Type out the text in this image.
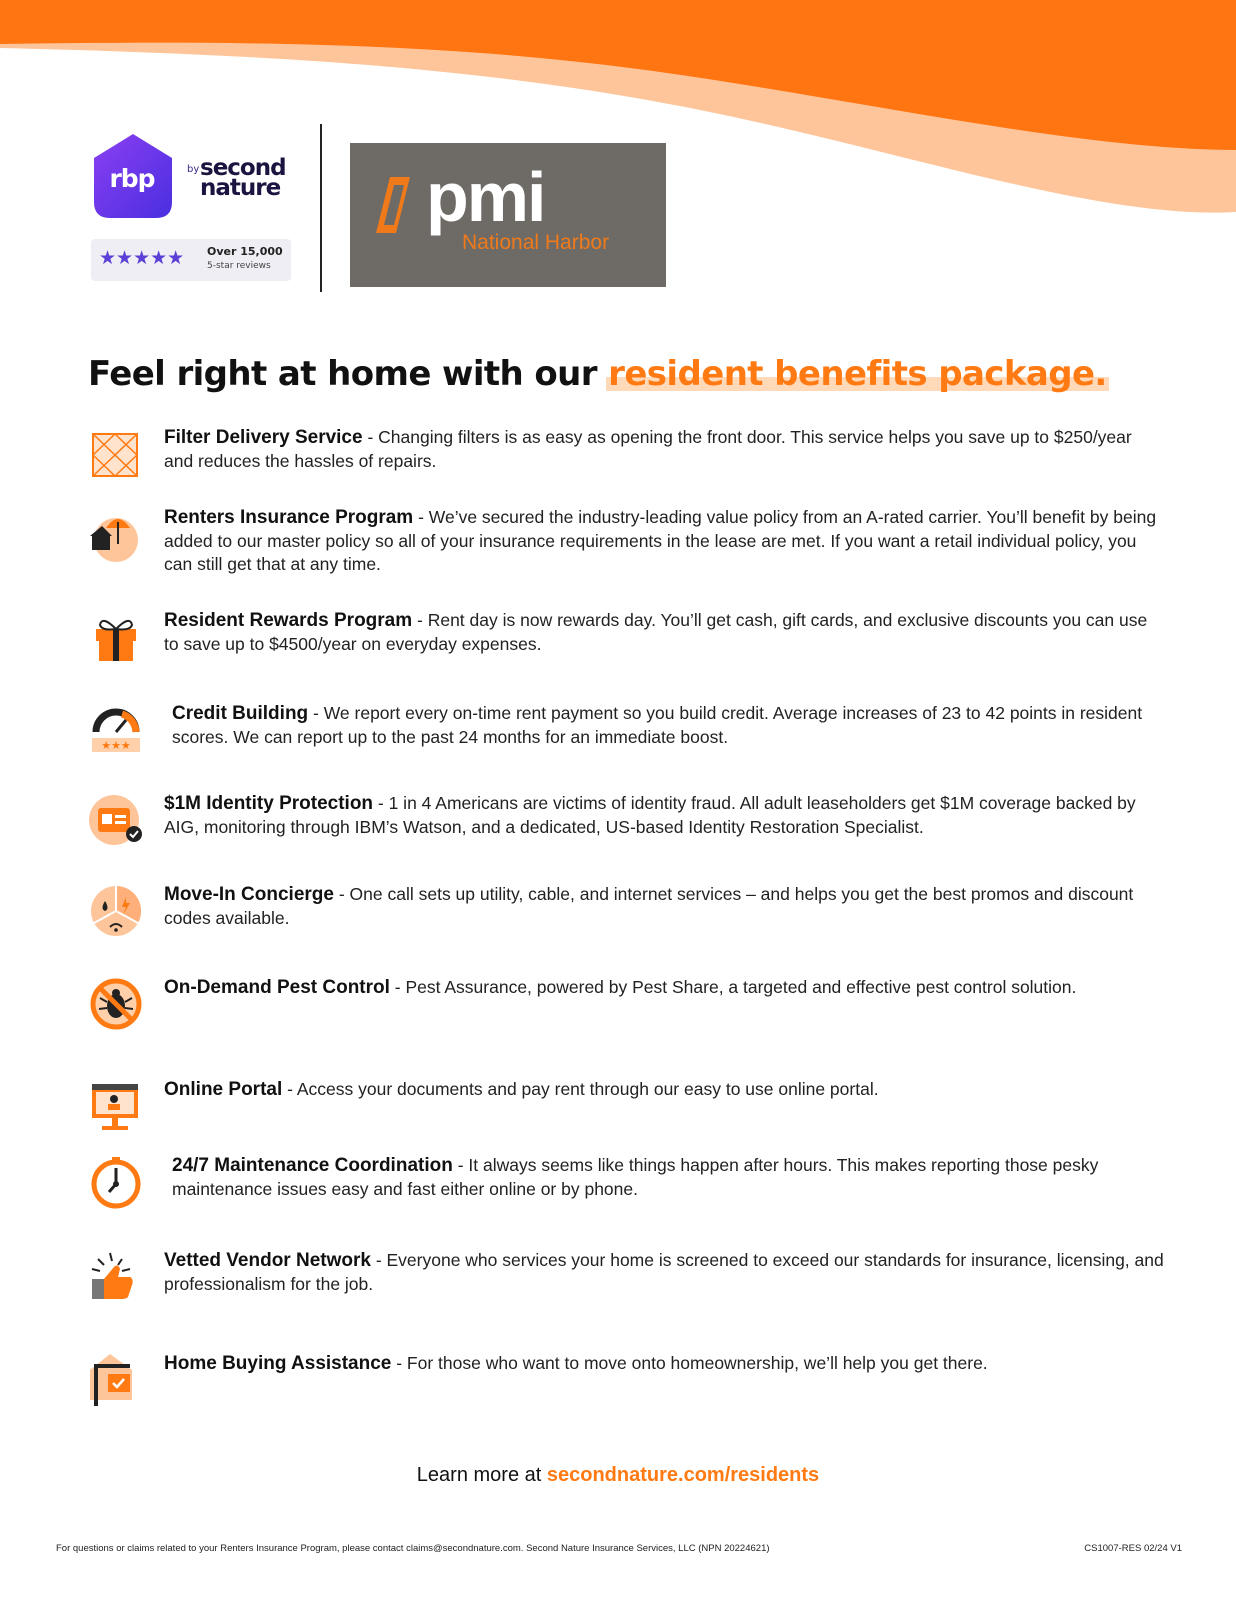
rbp	by second nature
★★★★★ Over 15,000
5-star reviews
pmi
National Harbor
Feel right at home with our resident benefits package.
Filter Delivery Service - Changing filters is as easy as opening the front door. This service helps you save up to $250/year and reduces the hassles of repairs.
Renters Insurance Program - We’ve secured the industry-leading value policy from an A-rated carrier. You’ll benefit by being added to our master policy so all of your insurance requirements in the lease are met. If you want a retail individual policy, you can still get that at any time.
Resident Rewards Program - Rent day is now rewards day. You’ll get cash, gift cards, and exclusive discounts you can use to save up to $4500/year on everyday expenses.
★★★
Credit Building - We report every on-time rent payment so you build credit. Average increases of 23 to 42 points in resident scores. We can report up to the past 24 months for an immediate boost.
$1M Identity Protection - 1 in 4 Americans are victims of identity fraud. All adult leaseholders get $1M coverage backed by AIG, monitoring through IBM’s Watson, and a dedicated, US-based Identity Restoration Specialist.
Move-In Concierge - One call sets up utility, cable, and internet services – and helps you get the best promos and discount codes available.
On-Demand Pest Control - Pest Assurance, powered by Pest Share, a targeted and effective pest control solution.
Online Portal - Access your documents and pay rent through our easy to use online portal.
24/7 Maintenance Coordination - It always seems like things happen after hours. This makes reporting those pesky maintenance issues easy and fast either online or by phone.
Vetted Vendor Network - Everyone who services your home is screened to exceed our standards for insurance, licensing, and professionalism for the job.
Home Buying Assistance - For those who want to move onto homeownership, we’ll help you get there.
Learn more at secondnature.com/residents
For questions or claims related to your Renters Insurance Program, please contact claims@secondnature.com. Second Nature Insurance Services, LLC (NPN 20224621)	CS1007-RES 02/24 V1
